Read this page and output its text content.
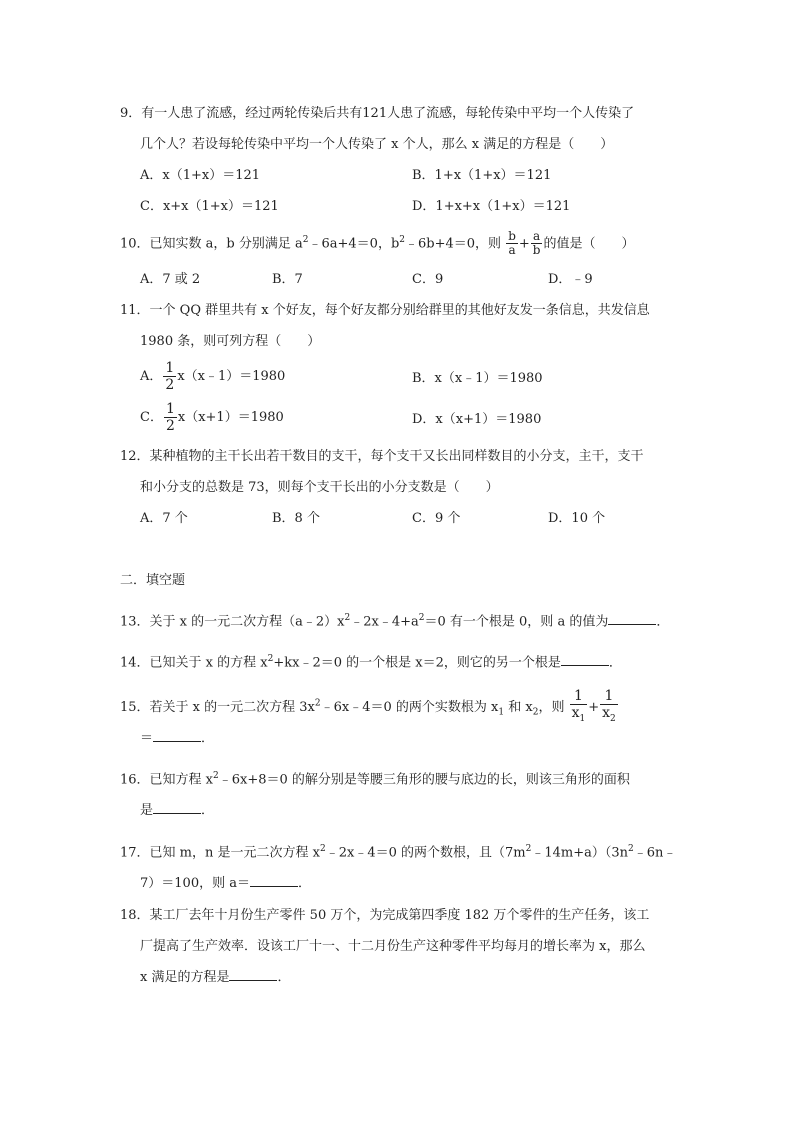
9．有一人患了流感，经过两轮传染后共有121人患了流感，每轮传染中平均一个人传染了
几个人？若设每轮传染中平均一个人传染了 x 个人，那么 x 满足的方程是（　　）
A．x（1+x）＝121	B．1+x（1+x）＝121
C．x+x（1+x）＝121	D．1+x+x（1+x）＝121
10．已知实数 a，b 分别满足 $a^2﹣6a+4=0$，$b^2﹣6b+4=0$，则 $\frac{b}{a} + \frac{a}{b}$ 的值是（　　）
A．7 或 2	B．7	C．9	D．﹣9
11．一个 QQ 群里共有 x 个好友，每个好友都分别给群里的其他好友发一条信息，共发信息
1980 条，则可列方程（　　）
A． $\frac{1}{2}$ x（x﹣1）＝1980	B．x（x﹣1）＝1980
C． $\frac{1}{2} x(x+1)=1980$	D．x（x+1）＝1980
12．某种植物的主干长出若干数目的支干，每个支干又长出同样数目的小分支，主干，支干
和小分支的总数是 73，则每个支干长出的小分支数是（　　）
A．7 个	B．8 个	C．9 个	D．10 个
二．填空题
13．关于 x 的一元二次方程$(a﹣2)x^2﹣2x﹣4+a^2=0$ 有一个根是 0，则 a 的值为	．
14．已知关于 x 的方程 $x^2+kx﹣2=0$ 的一个根是 x＝2，则它的另一个根是	．
15．若关于 x 的一元二次方程 $3x^2﹣6x﹣4=0$ 的两个实数根为 $x_1$ 和 $x_2$，则 $\frac{1}{x_1} + \frac{1}{x_2}$
＝	．
16．已知方程 $x^2﹣6x+8=0$ 的解分别是等腰三角形的腰与底边的长，则该三角形的面积
是	．
17．已知 m，n 是一元二次方程 $x^2﹣2x﹣4=0$ 的两个数根，且$(7m^2﹣14m+a)(3n^2﹣6n﹣$
7）＝100，则 a＝	．
18．某工厂去年十月份生产零件 50 万个，为完成第四季度 182 万个零件的生产任务，该工
厂提高了生产效率．设该工厂十一、十二月份生产这种零件平均每月的增长率为 x，那么
x 满足的方程是	．
